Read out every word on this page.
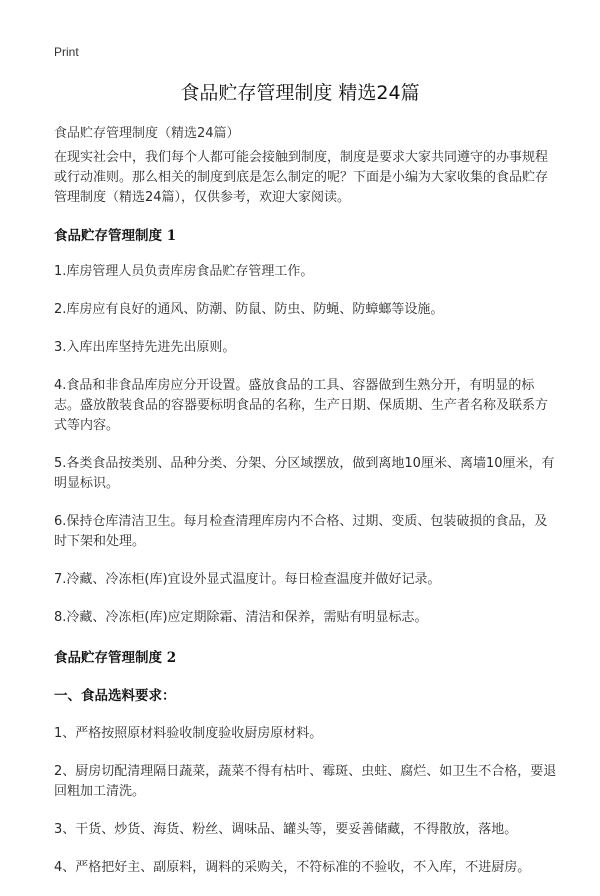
Print
食品贮存管理制度 精选24篇
食品贮存管理制度（精选24篇）

在现实社会中，我们每个人都可能会接触到制度，制度是要求大家共同遵守的办事规程或行动准则。那么相关的制度到底是怎么制定的呢？下面是小编为大家收集的食品贮存管理制度（精选24篇），仅供参考，欢迎大家阅读。

食品贮存管理制度 1
1.库房管理人员负责库房食品贮存管理工作。
2.库房应有良好的通风、防潮、防鼠、防虫、防蝇、防蟑螂等设施。
3.入库出库坚持先进先出原则。
4.食品和非食品库房应分开设置。盛放食品的工具、容器做到生熟分开，有明显的标志。盛放散装食品的容器要标明食品的名称，生产日期、保质期、生产者名称及联系方式等内容。
5.各类食品按类别、品种分类、分架、分区域摆放，做到离地10厘米、离墙10厘米，有明显标识。
6.保持仓库清洁卫生。每月检查清理库房内不合格、过期、变质、包装破损的食品，及时下架和处理。
7.冷藏、冷冻柜(库)宜设外显式温度计。每日检查温度并做好记录。
8.冷藏、冷冻柜(库)应定期除霜、清洁和保养，需贴有明显标志。
食品贮存管理制度 2
一、食品选料要求：
1、严格按照原材料验收制度验收厨房原材料。
2、厨房切配清理隔日蔬菜，蔬菜不得有枯叶、霉斑、虫蛀、腐烂、如卫生不合格，要退回粗加工清洗。
3、干货、炒货、海货、粉丝、调味品、罐头等，要妥善储藏，不得散放，落地。
4、严格把好主、副原料，调料的采购关，不符标准的不验收，不入库，不进厨房。
